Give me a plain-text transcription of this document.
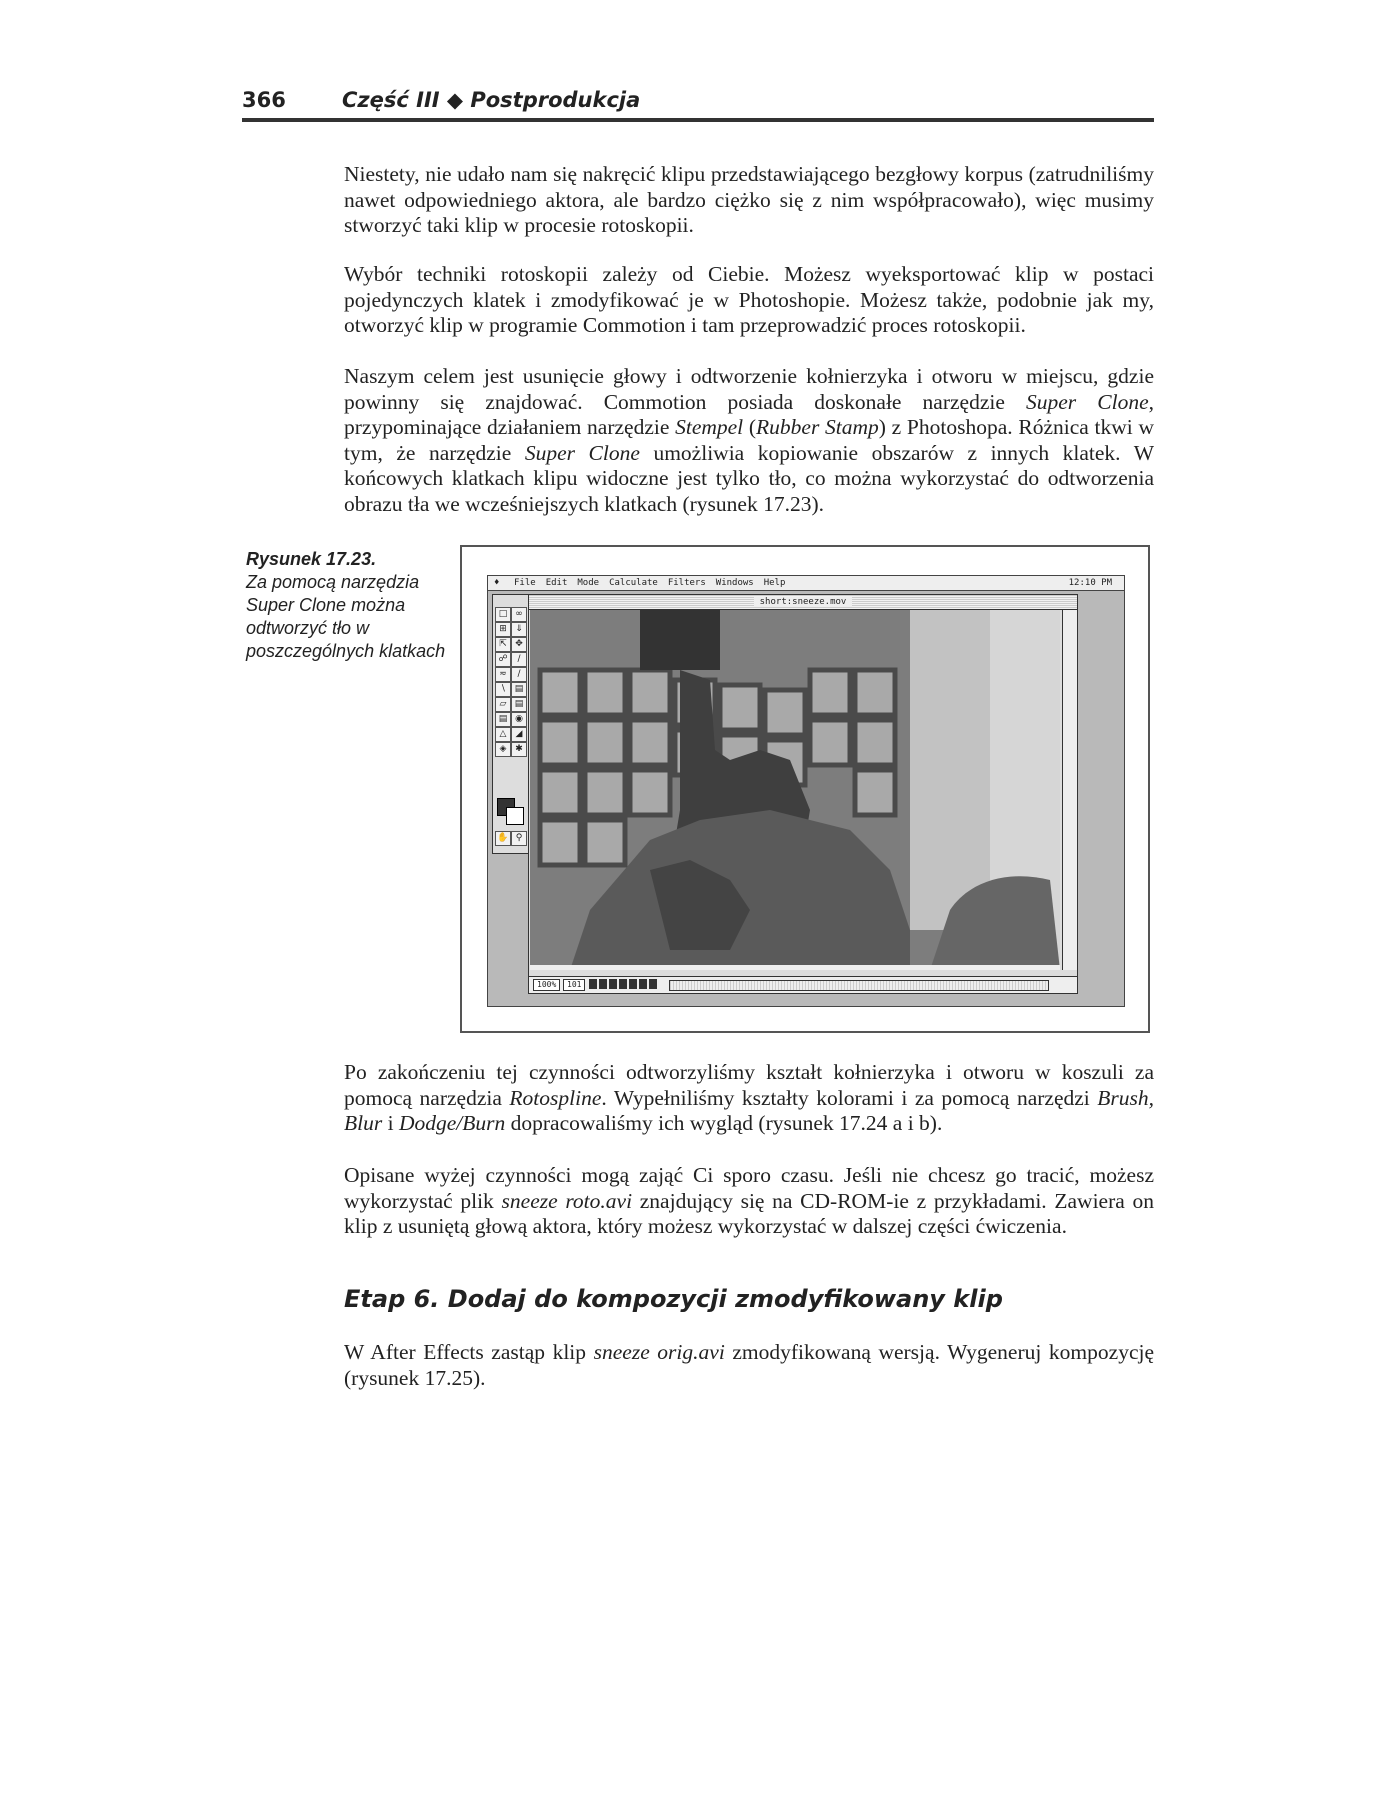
366	Część III ◆ Postprodukcja

Niestety, nie udało nam się nakręcić klipu przedstawiającego bezgłowy korpus (zatrudniliśmy nawet odpowiedniego aktora, ale bardzo ciężko się z nim współpracowało), więc musimy stworzyć taki klip w procesie rotoskopii.

Wybór techniki rotoskopii zależy od Ciebie. Możesz wyeksportować klip w postaci pojedynczych klatek i zmodyfikować je w Photoshopie. Możesz także, podobnie jak my, otworzyć klip w programie Commotion i tam przeprowadzić proces rotoskopii.

Naszym celem jest usunięcie głowy i odtworzenie kołnierzyka i otworu w miejscu, gdzie powinny się znajdować. Commotion posiada doskonałe narzędzie Super Clone, przypominające działaniem narzędzie Stempel (Rubber Stamp) z Photoshopa. Różnica tkwi w tym, że narzędzie Super Clone umożliwia kopiowanie obszarów z innych klatek. W końcowych klatkach klipu widoczne jest tylko tło, co można wykorzystać do odtworzenia obrazu tła we wcześniejszych klatkach (rysunek 17.23).

Rysunek 17.23.
Za pomocą narzędzia Super Clone można odtworzyć tło w poszczególnych klatkach
♦ File Edit Mode Calculate Filters Windows Help	12:10 PM
□ ∞
⊞ ⇓
⇱ ✥
☍	∕
≂	∕
∖ ▤
▱ ▤
▤ ◉
△	◢
◈ ✱
✋ ⚲
short:sneeze.mov
100%	101

Po zakończeniu tej czynności odtworzyliśmy kształt kołnierzyka i otworu w koszuli za pomocą narzędzia Rotospline. Wypełniliśmy kształty kolorami i za pomocą narzędzi Brush, Blur i Dodge/Burn dopracowaliśmy ich wygląd (rysunek 17.24 a i b).

Opisane wyżej czynności mogą zająć Ci sporo czasu. Jeśli nie chcesz go tracić, możesz wykorzystać plik sneeze roto.avi znajdujący się na CD-ROM-ie z przykładami. Zawiera on klip z usuniętą głową aktora, który możesz wykorzystać w dalszej części ćwiczenia.

Etap 6. Dodaj do kompozycji zmodyfikowany klip

W After Effects zastąp klip sneeze orig.avi zmodyfikowaną wersją. Wygeneruj kompozycję (rysunek 17.25).
